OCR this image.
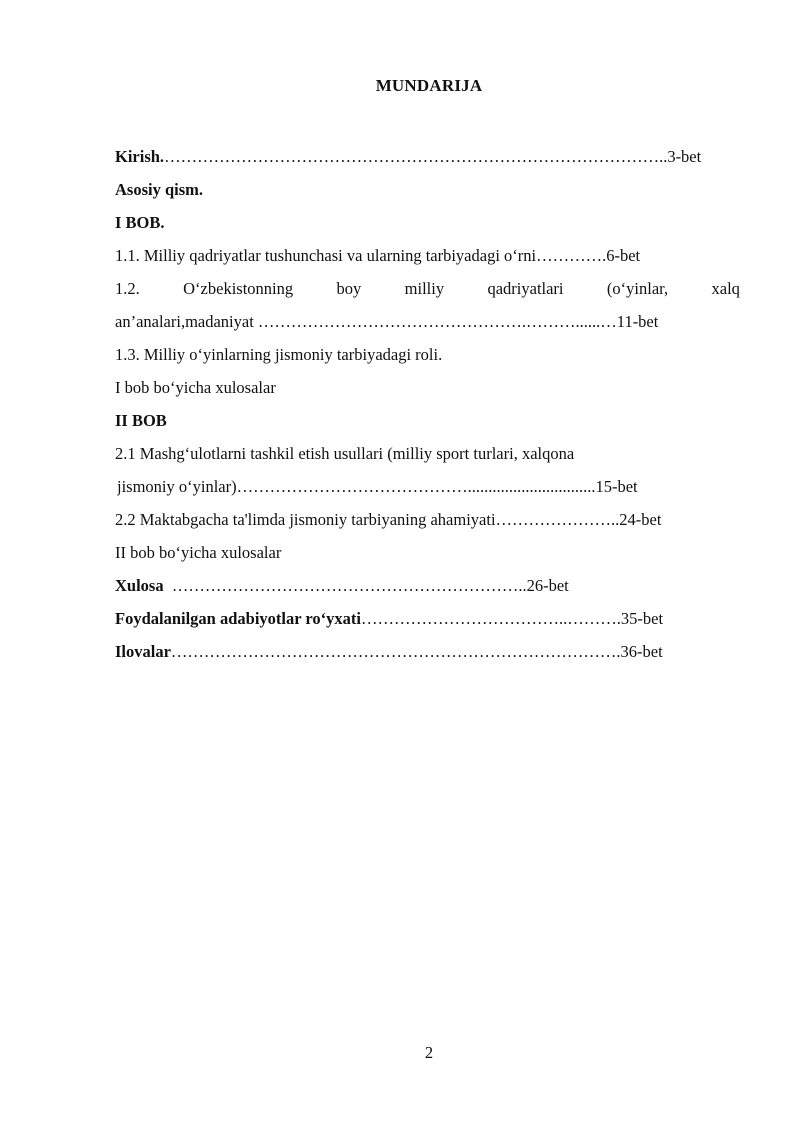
MUNDARIJA
Kirish.………………………………………………………………………………..3-bet
Asosiy qism.
I BOB.
1.1. Milliy qadriyatlar tushunchasi va ularning tarbiyadagi o‘rni………….6-bet
1.2.	O‘zbekistonning	boy	milliy	qadriyatlari	(o‘yinlar,	xalq
an’analari,madaniyat ………………………………………….………......…11-bet
1.3. Milliy o‘yinlarning jismoniy tarbiyadagi roli.
I bob bo‘yicha xulosalar
II BOB
2.1 Mashg‘ulotlarni tashkil etish usullari (milliy sport turlari, xalqona
jismoniy o‘yinlar)……………………………………...............................15-bet
2.2 Maktabgacha ta'limda jismoniy tarbiyaning ahamiyati…………………..24-bet
II bob bo‘yicha xulosalar
Xulosa  ………………………………………………………..26-bet
Foydalanilgan adabiyotlar ro‘yxati………………………………..……….35-bet
Ilovalar……………………………………………………………………….36-bet
2
